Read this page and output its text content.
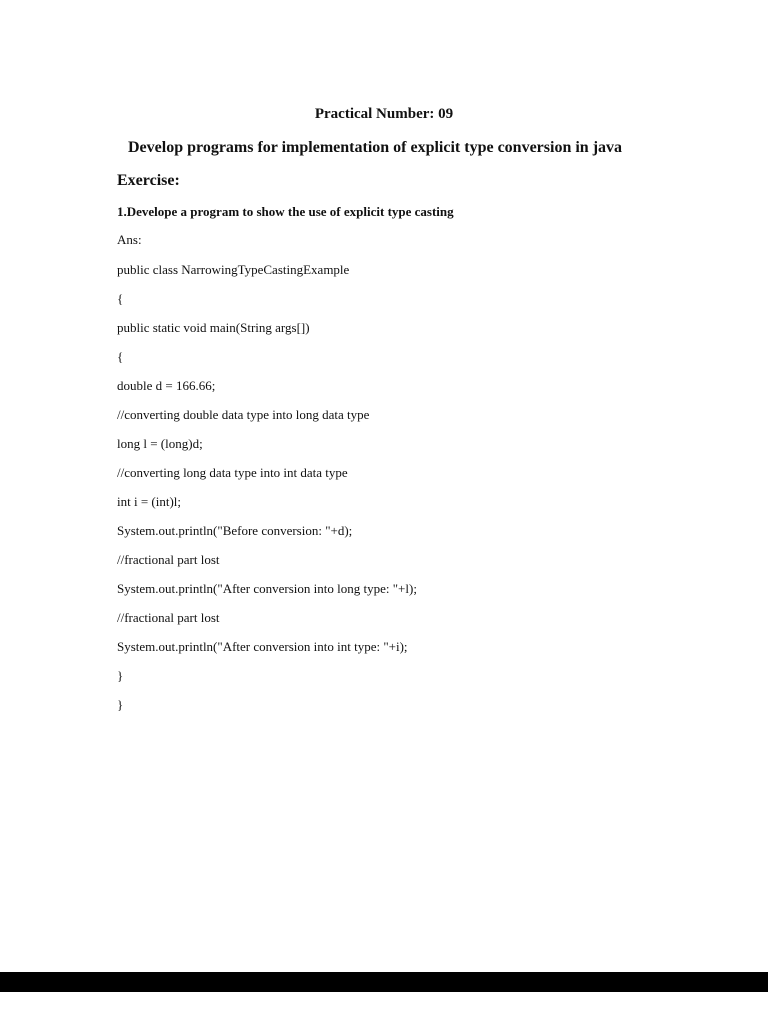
Practical Number: 09
Develop programs for implementation of explicit type conversion in java
Exercise:
1.Develope a program to show the use of explicit type casting
Ans:
public class NarrowingTypeCastingExample
{
public static void main(String args[])
{
double d = 166.66;
//converting double data type into long data type
long l = (long)d;
//converting long data type into int data type
int i = (int)l;
System.out.println("Before conversion: "+d);
//fractional part lost
System.out.println("After conversion into long type: "+l);
//fractional part lost
System.out.println("After conversion into int type: "+i);
}
}
